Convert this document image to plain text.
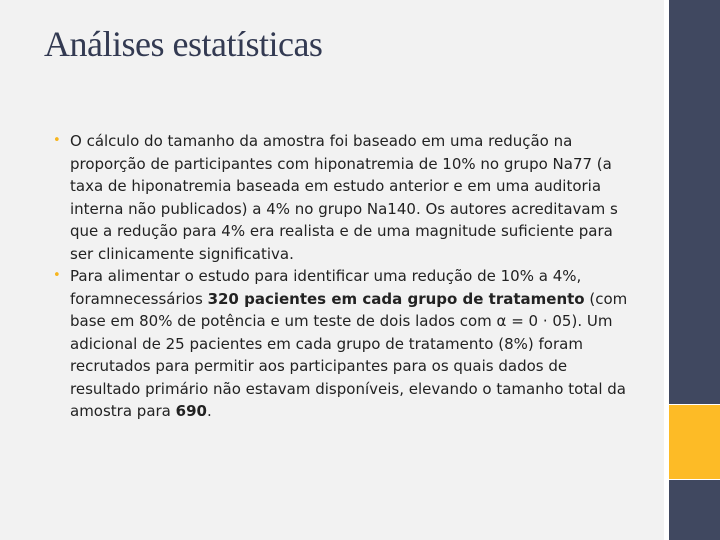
Análises estatísticas
• O cálculo do tamanho da amostra foi baseado em uma redução na proporção de participantes com hiponatremia de 10% no grupo Na77 (a taxa de hiponatremia baseada em estudo anterior e em uma auditoria interna não publicados) a 4% no grupo Na140. Os autores acreditavam s que a redução para 4% era realista e de uma magnitude suficiente para ser clinicamente significativa.
• Para alimentar o estudo para identificar uma redução de 10% a 4%, foramnecessários 320 pacientes em cada grupo de tratamento (com base em 80% de potência e um teste de dois lados com α = 0 · 05). Um adicional de 25 pacientes em cada grupo de tratamento (8%) foram recrutados para permitir aos participantes para os quais dados de resultado primário não estavam disponíveis, elevando o tamanho total da amostra para 690.
